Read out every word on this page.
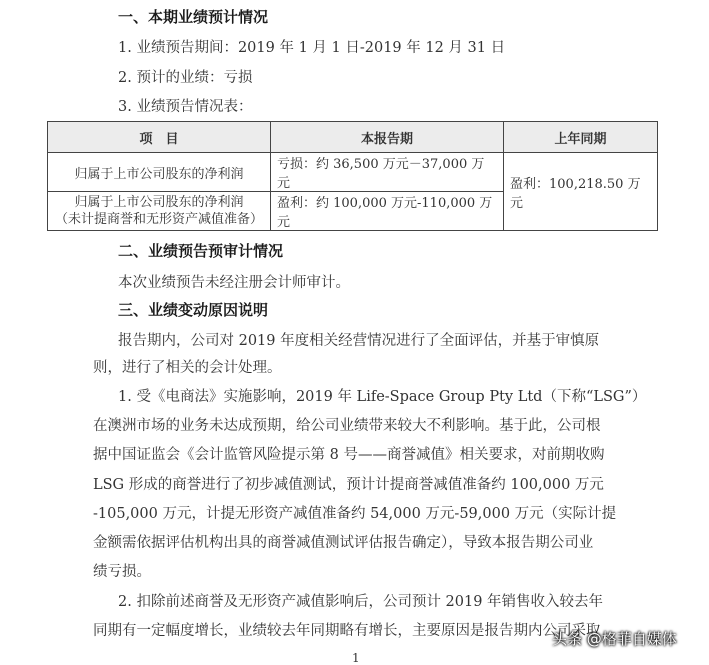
一、本期业绩预计情况
1. 业绩预告期间：2019 年 1 月 1 日-2019 年 12 月 31 日
2. 预计的业绩：亏损
3. 业绩预告情况表：
项　目	本报告期	上年同期
归属于上市公司股东的净利润	亏损：约 36,500 万元－37,000 万元	盈利：100,218.50 万元

归属于上市公司股东的净利润
（未计提商誉和无形资产减值准备）	盈利：约 100,000 万元-110,000 万元	
二、业绩预告预审计情况
本次业绩预告未经注册会计师审计。
三、业绩变动原因说明
报告期内，公司对 2019 年度相关经营情况进行了全面评估，并基于审慎原
则，进行了相关的会计处理。
1. 受《电商法》实施影响，2019 年 Life-Space Group Pty Ltd（下称“LSG”）
在澳洲市场的业务未达成预期，给公司业绩带来较大不利影响。基于此，公司根
据中国证监会《会计监管风险提示第 8 号——商誉减值》相关要求，对前期收购
LSG 形成的商誉进行了初步减值测试，预计计提商誉减值准备约 100,000 万元
-105,000 万元，计提无形资产减值准备约 54,000 万元-59,000 万元（实际计提
金额需依据评估机构出具的商誉减值测试评估报告确定），导致本报告期公司业
绩亏损。
2. 扣除前述商誉及无形资产减值影响后，公司预计 2019 年销售收入较去年
同期有一定幅度增长，业绩较去年同期略有增长，主要原因是报告期内公司采取
1
头条 @格菲自媒体
